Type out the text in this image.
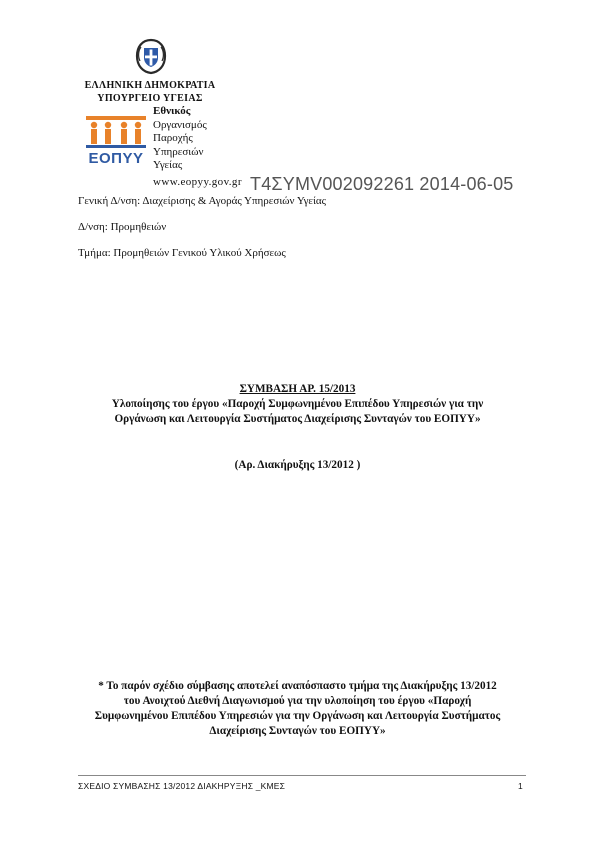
ΕΛΛΗΝΙΚΗ ΔΗΜΟΚΡΑΤΙΑ
ΥΠΟΥΡΓΕΙΟ ΥΓΕΙΑΣ
ΕΟΠΥΥ
Εθνικός
Οργανισμός
Παροχής
Υπηρεσιών
Υγείας
www.eopyy.gov.gr Τ4ΣΥΜV002092261 2014-06-05
Γενική Δ/νση: Διαχείρισης & Αγοράς Υπηρεσιών Υγείας
Δ/νση: Προμηθειών
Τμήμα: Προμηθειών Γενικού Υλικού Χρήσεως
ΣΥΜΒΑΣΗ ΑΡ. 15/2013
Υλοποίησης του έργου «Παροχή Συμφωνημένου Επιπέδου Υπηρεσιών για την
Οργάνωση και Λειτουργία Συστήματος Διαχείρισης Συνταγών του ΕΟΠΥΥ»
(Αρ. Διακήρυξης 13/2012 )
* Το παρόν σχέδιο σύμβασης αποτελεί αναπόσπαστο τμήμα της Διακήρυξης 13/2012
του Ανοιχτού Διεθνή Διαγωνισμού για την υλοποίηση του έργου «Παροχή
Συμφωνημένου Επιπέδου Υπηρεσιών για την Οργάνωση και Λειτουργία Συστήματος
Διαχείρισης Συνταγών του ΕΟΠΥΥ»
ΣΧΕΔΙΟ ΣΥΜΒΑΣΗΣ 13/2012 ΔΙΑΚΗΡΥΞΗΣ _ΚΜΕΣ	1
